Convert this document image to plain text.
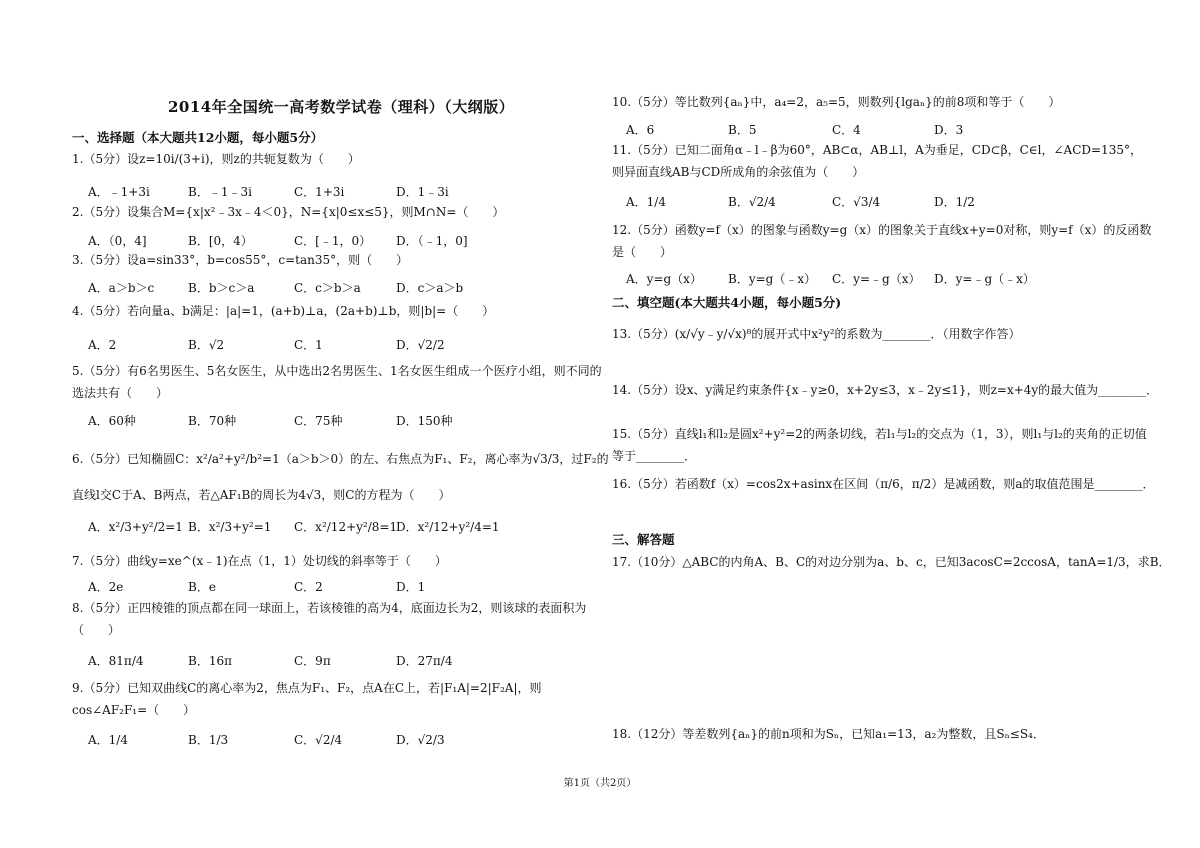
2014年全国统一高考数学试卷（理科）（大纲版）
一、选择题（本大题共12小题，每小题5分）
1.（5分）设z=10i/(3+i)，则z的共轭复数为（　　）
A．﹣1+3i	B．﹣1﹣3i	C．1+3i	D．1﹣3i
2.（5分）设集合M={x|x²﹣3x﹣4＜0}，N={x|0≤x≤5}，则M∩N=（　　）
A．（0，4]	B．[0，4）	C．[﹣1，0） D．（﹣1，0]
3.（5分）设a=sin33°，b=cos55°，c=tan35°，则（　　）
A．a＞b＞c	B．b＞c＞a	C．c＞b＞a	D．c＞a＞b
4.（5分）若向量a、b满足：|a|=1，(a+b)⊥a，(2a+b)⊥b，则|b|=（　　）
A．2	B．√2	C．1	D．√2/2
5.（5分）有6名男医生、5名女医生，从中选出2名男医生、1名女医生组成一个医疗小组，则不同的选法共有（　　）
A．60种	B．70种	C．75种	D．150种
6.（5分）已知椭圆C：x²/a²+y²/b²=1（a＞b＞0）的左、右焦点为F₁、F₂，离心率为√3/3，过F₂的直线l交C于A、B两点，若△AF₁B的周长为4√3，则C的方程为（　　）
A．x²/3+y²/2=1 B．x²/3+y²=1 C．x²/12+y²/8=1
D．x²/12+y²/4=1
7.（5分）曲线y=xe^(x﹣1)在点（1，1）处切线的斜率等于（　　）
A．2e	B．e	C．2	D．1
8.（5分）正四棱锥的顶点都在同一球面上，若该棱锥的高为4，底面边长为2，则该球的表面积为（　　）
A．81π/4	B．16π	C．9π	D．27π/4
9.（5分）已知双曲线C的离心率为2，焦点为F₁、F₂，点A在C上，若|F₁A|=2|F₂A|，则cos∠AF₂F₁=（　　）
A．1/4	B．1/3	C．√2/4	D．√2/3
10.（5分）等比数列{aₙ}中，a₄=2，a₅=5，则数列{lgaₙ}的前8项和等于（　　）
A．6	B．5	C．4	D．3
11.（5分）已知二面角α﹣l﹣β为60°，AB⊂α，AB⊥l，A为垂足，CD⊂β，C∈l，∠ACD=135°，则异面直线AB与CD所成角的余弦值为（　　）
A．1/4	B．√2/4	C．√3/4	D．1/2
12.（5分）函数y=f（x）的图象与函数y=g（x）的图象关于直线x+y=0对称，则y=f（x）的反函数是（　　）
A．y=g（x） B．y=g（﹣x） C．y=﹣g（x） D．y=﹣g（﹣x）
二、填空题(本大题共4小题，每小题5分)
13.（5分）(x/√y﹣y/√x)⁸的展开式中x²y²的系数为________．（用数字作答）
14.（5分）设x、y满足约束条件{x﹣y≥0，x+2y≤3，x﹣2y≤1}，则z=x+4y的最大值为________．
15.（5分）直线l₁和l₂是圆x²+y²=2的两条切线，若l₁与l₂的交点为（1，3），则l₁与l₂的夹角的正切值等于________．
16.（5分）若函数f（x）=cos2x+asinx在区间（π/6，π/2）是减函数，则a的取值范围是________．
三、解答题
17.（10分）△ABC的内角A、B、C的对边分别为a、b、c，已知3acosC=2ccosA，tanA=1/3，求B．
18.（12分）等差数列{aₙ}的前n项和为Sₙ，已知a₁=13，a₂为整数，且Sₙ≤S₄．
第1页（共2页）
